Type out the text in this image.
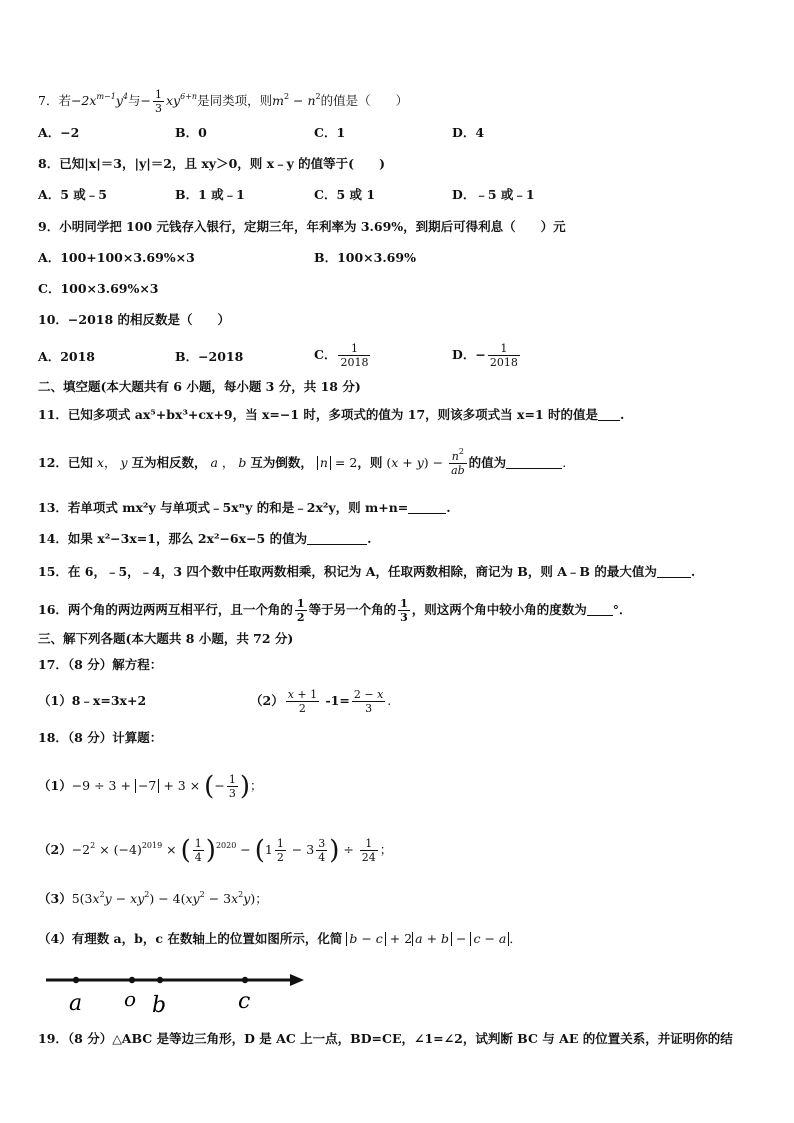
7．若$-2x^{m-1}y^4$与− $\frac{1}{3} xy^{6+n}$是同类项，则$m^2 - n^2$的值是（　　）
A．−2	B．0	C．1	D．4
8．已知|x|＝3，|y|＝2，且 xy＞0，则 x﹣y 的值等于(　　)
A．5 或﹣5	B．1 或﹣1	C．5 或 1	D．﹣5 或﹣1
9．小明同学把 100 元钱存入银行，定期三年，年利率为 3.69%，到期后可得利息（　　）元
A．100+100×3.69%×3	B．100×3.69%
C．100×3.69%×3
10．−2018 的相反数是（　　）
A．2018	B．−2018	C． $\frac{1}{2018}$	D．− $\frac{1}{2018}$
二、填空题(本大题共有 6 小题，每小题 3 分，共 18 分)
11．已知多项式 ax⁵+bx³+cx+9，当 x=−1 时，多项式的值为 17，则该多项式当 x=1 时的值是 .
12．已知 x， y 互为相反数， a ， b 互为倒数， n = 2，则 $(x + y) - \frac{n^2}{ab}$ 的值为	.
13．若单项式 mx²y 与单项式﹣5xⁿy 的和是﹣2x²y，则 m+n=	.
14．如果 x²−3x=1，那么 2x²−6x−5 的值为	.
15．在 6，﹣5，﹣4，3 四个数中任取两数相乘，积记为 A，任取两数相除，商记为 B，则 A﹣B 的最大值为	.
16．两个角的两边两两互相平行，且一个角的 $\frac{1}{2}$ 等于另一个角的 $\frac{1}{3}$ ，则这两个角中较小角的度数为 °．
三、解下列各题(本大题共 8 小题，共 72 分)
17．（8 分）解方程：
（1）8﹣x=3x+2	$(2) \frac{x + 1}{2} -1= \frac{2 - x}{3}$ .
18．（8 分）计算题：
（1）−9 ÷ 3 + −7 + 3 × (− $\frac{1}{3}$ )；
$(2)-2^2 \times (-4)^{2019}$ × ( $\frac{1}{4} )^{2020} - (1 \frac{1}{2} - 3 \frac{3}{4}$ ) ÷ $\frac{1}{24}$ ；
$(3)5(3x^2y - xy^2) - 4(xy^2 - 3x^2y)$；
（4）有理数 a，b，c 在数轴上的位置如图所示，化简 b − c + 2 a + b − c − a ．
a o b	c
19．（8 分）△ABC 是等边三角形，D 是 AC 上一点，BD=CE，∠1=∠2，试判断 BC 与 AE 的位置关系，并证明你的结
